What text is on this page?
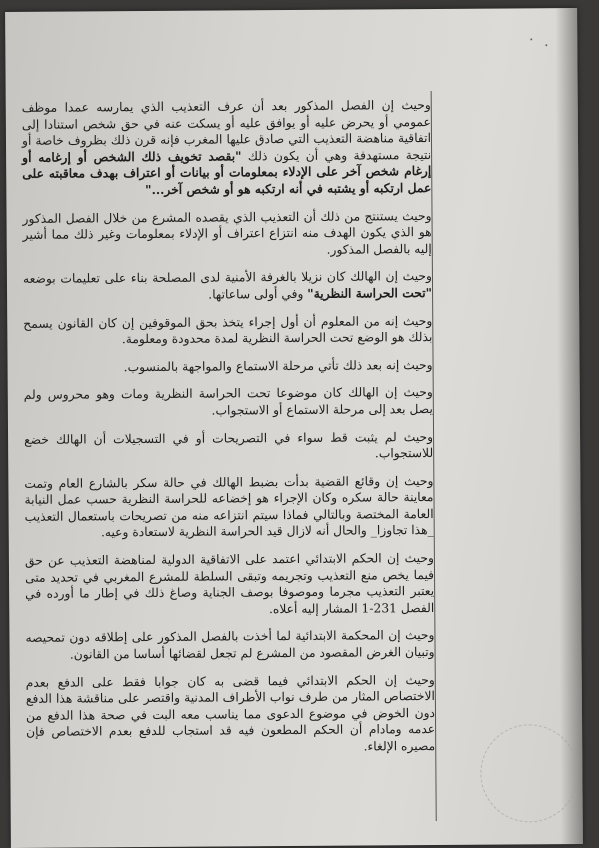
وحيث إن الفصل المذكور بعد أن عرف التعذيب الذي يمارسه عمدا موظف عمومي أو يحرض عليه أو يوافق عليه أو يسكت عنه في حق شخص استنادا إلى اتفاقية مناهضة التعذيب التي صادق عليها المغرب فإنه قرن ذلك بظروف خاصة أو نتيجة مستهدفة وهي أن يكون ذلك "بقصد تخويف ذلك الشخص أو إرغامه أو إرغام شخص آخر على الإدلاء بمعلومات أو بيانات أو اعتراف بهدف معاقبته على عمل ارتكبه أو يشتبه في أنه ارتكبه هو أو شخص آخر..."

وحيث يستنتج من ذلك أن التعذيب الذي يقصده المشرع من خلال الفصل المذكور هو الذي يكون الهدف منه انتزاع اعتراف أو الإدلاء بمعلومات وغير ذلك مما أشير إليه بالفصل المذكور.

وحيث إن الهالك كان نزيلا بالغرفة الأمنية لدى المصلحة بناء على تعليمات بوضعه "تحت الحراسة النظرية" وفي أولى ساعاتها.

وحيث إنه من المعلوم أن أول إجراء يتخذ بحق الموقوفين إن كان القانون يسمح بذلك هو الوضع تحت الحراسة النظرية لمدة محدودة ومعلومة.

وحيث إنه بعد ذلك تأتي مرحلة الاستماع والمواجهة بالمنسوب.

وحيث إن الهالك كان موضوعا تحت الحراسة النظرية ومات وهو محروس ولم يصل بعد إلى مرحلة الاستماع أو الاستجواب.

وحيث لم يثبت قط سواء في التصريحات أو في التسجيلات أن الهالك خضع للاستجواب.

وحيث إن وقائع القضية بدأت بضبط الهالك في حالة سكر بالشارع العام وتمت معاينة حالة سكره وكان الإجراء هو إخضاعه للحراسة النظرية حسب عمل النيابة العامة المختصة وبالتالي فماذا سيتم انتزاعه منه من تصريحات باستعمال التعذيب _هذا تجاوزا_ والحال أنه لازال قيد الحراسة النظرية لاستعادة وعيه.

وحيث إن الحكم الابتدائي اعتمد على الاتفاقية الدولية لمناهضة التعذيب عن حق فيما يخص منع التعذيب وتجريمه وتبقى السلطة للمشرع المغربي في تحديد متى يعتبر التعذيب مجرما وموصوفا بوصف الجناية وصاغ ذلك في إطار ما أورده في الفصل 231-1 المشار إليه أعلاه.

وحيث إن المحكمة الابتدائية لما أخذت بالفصل المذكور على إطلاقه دون تمحيصه وتبيان الغرض المقصود من المشرع لم تجعل لقضائها أساسا من القانون.

وحيث إن الحكم الابتدائي فيما قضى به كان جوابا فقط على الدفع بعدم الاختصاص المثار من طرف نواب الأطراف المدنية واقتصر على مناقشة هذا الدفع دون الخوض في موضوع الدعوى مما يناسب معه البت في صحة هذا الدفع من عدمه ومادام أن الحكم المطعون فيه قد استجاب للدفع بعدم الاختصاص فإن مصيره الإلغاء.
